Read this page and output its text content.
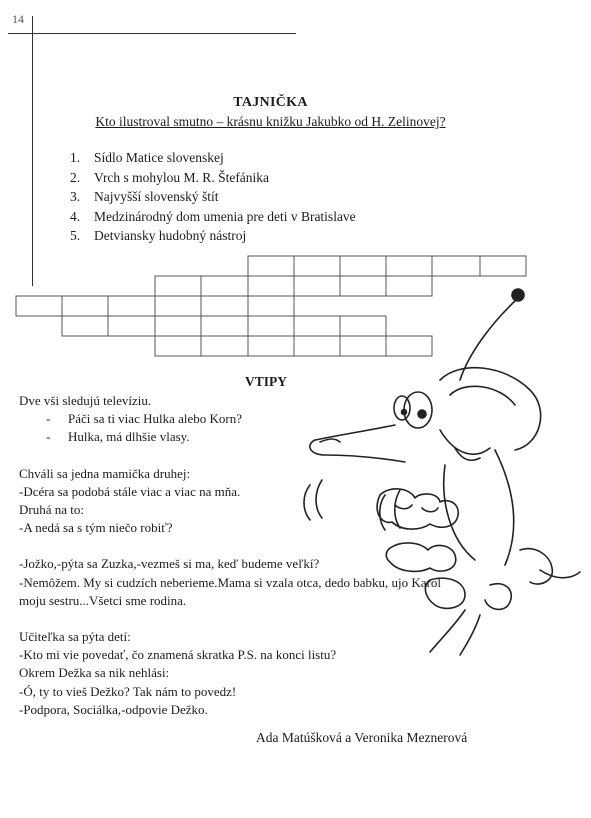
14
TAJNIČKA
Kto ilustroval smutno – krásnu knižku Jakubko od H. Zelinovej?
1.	Sídlo Matice slovenskej
2.	Vrch s mohylou M. R. Štefánika
3.	Najvyšší slovenský štít
4.	Medzinárodný dom umenia pre deti v Bratislave
5.	Detviansky hudobný nástroj
VTIPY

Dve vši sledujú televíziu.

-	Páči sa ti viac Hulka alebo Korn?

-	Hulka, má dlhšie vlasy.

Chváli sa jedna mamička druhej:

-Dcéra sa podobá stále viac a viac na mňa.

Druhá na to:

-A nedá sa s tým niečo robiť?

-Jožko,-pýta sa Zuzka,-vezmeš si ma, keď budeme veľkí?

-Nemôžem. My si cudzích neberieme.Mama si vzala otca, dedo babku, ujo Karol

moju sestru...Všetci sme rodina.

Učiteľka sa pýta detí:

-Kto mi vie povedať, čo znamená skratka P.S. na konci listu?

Okrem Dežka sa nik nehlási:

-Ó, ty to vieš Dežko? Tak nám to povedz!

-Podpora, Sociálka,-odpovie Dežko.

Ada Matúšková a Veronika Meznerová
